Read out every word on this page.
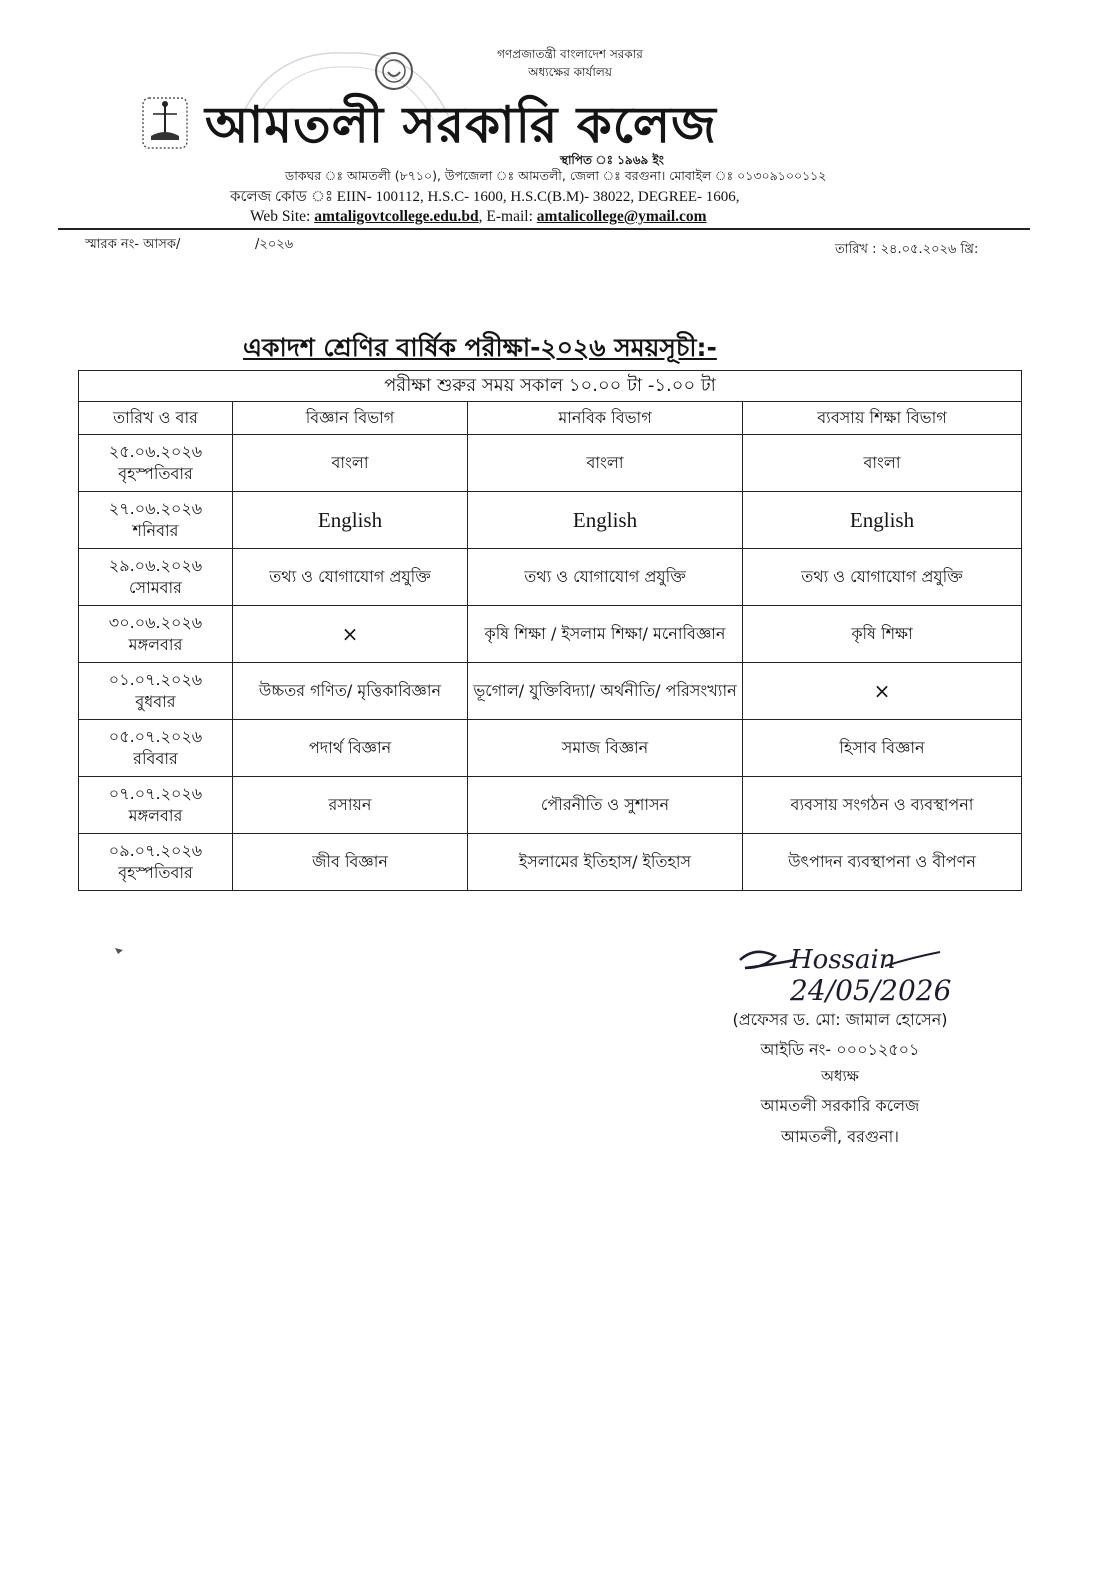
গণপ্রজাতন্ত্রী বাংলাদেশ সরকার
অধ্যক্ষের কার্যালয়
আমতলী সরকারি কলেজ
স্থাপিত ঃ ১৯৬৯ ইং
ডাকঘর ঃ আমতলী (৮৭১০), উপজেলা ঃ আমতলী, জেলা ঃ বরগুনা। মোবাইল ঃ ০১৩০৯১০০১১২
কলেজ কোড ঃ EIIN- 100112, H.S.C- 1600, H.S.C(B.M)- 38022, DEGREE- 1606,
Web Site: amtaligovtcollege.edu.bd, E-mail: amtalicollege@ymail.com
স্মারক নং- আসক/	/২০২৬	তারিখ : ২৪.০৫.২০২৬ খ্রি:
একাদশ শ্রেণির বার্ষিক পরীক্ষা-২০২৬ সময়সূচী:-
পরীক্ষা শুরুর সময় সকাল ১০.০০ টা -১.০০ টা			
তারিখ ও বার	বিজ্ঞান বিভাগ	মানবিক বিভাগ	ব্যবসায় শিক্ষা বিভাগ

২৫.০৬.২০২৬
বৃহস্পতিবার	বাংলা	বাংলা	বাংলা

২৭.০৬.২০২৬
শনিবার	English	English	English

২৯.০৬.২০২৬
সোমবার	তথ্য ও যোগাযোগ প্রযুক্তি	তথ্য ও যোগাযোগ প্রযুক্তি	তথ্য ও যোগাযোগ প্রযুক্তি

৩০.০৬.২০২৬
মঙ্গলবার	×	কৃষি শিক্ষা / ইসলাম শিক্ষা/ মনোবিজ্ঞান	কৃষি শিক্ষা

০১.০৭.২০২৬
বুধবার	উচ্চতর গণিত/ মৃত্তিকাবিজ্ঞান	ভূগোল/ যুক্তিবিদ্যা/ অর্থনীতি/ পরিসংখ্যান	×

০৫.০৭.২০২৬
রবিবার	পদার্থ বিজ্ঞান	সমাজ বিজ্ঞান	হিসাব বিজ্ঞান

০৭.০৭.২০২৬
মঙ্গলবার	রসায়ন	পৌরনীতি ও সুশাসন	ব্যবসায় সংগঠন ও ব্যবস্থাপনা

০৯.০৭.২০২৬
বৃহস্পতিবার	জীব বিজ্ঞান	ইসলামের ইতিহাস/ ইতিহাস	উৎপাদন ব্যবস্থাপনা ও বীপণন
Hossain
24/05/2026
(প্রফেসর ড. মো: জামাল হোসেন)
আইডি নং- ০০০১২৫০১
অধ্যক্ষ
আমতলী সরকারি কলেজ
আমতলী, বরগুনা।
